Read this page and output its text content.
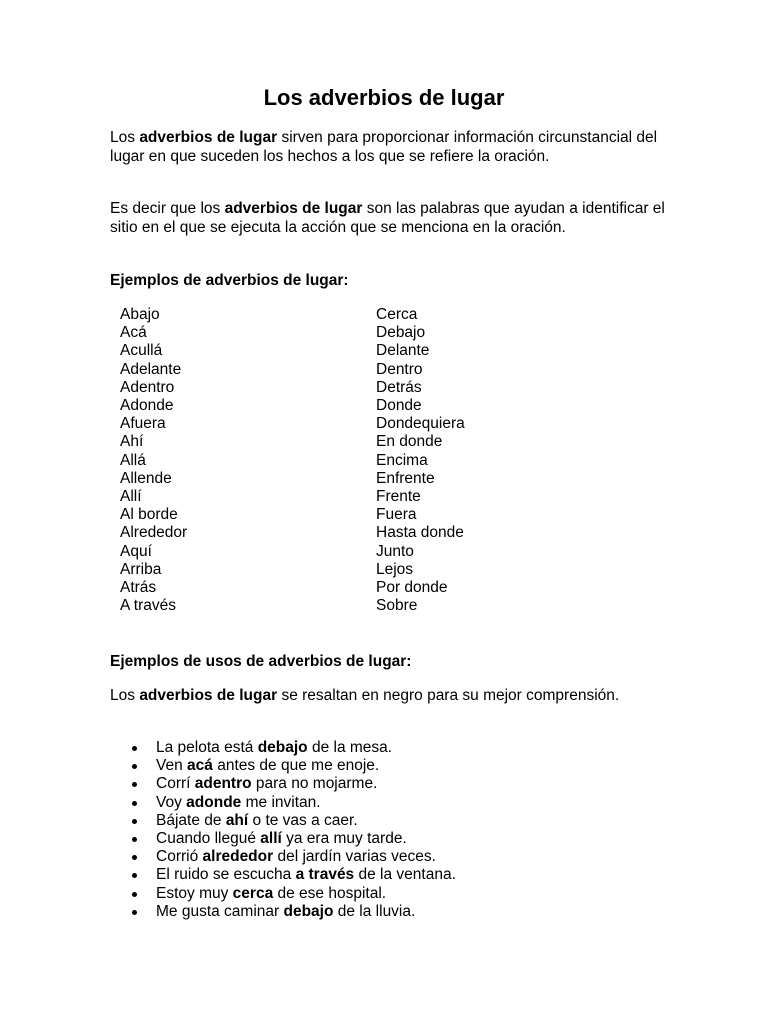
Los adverbios de lugar
Los adverbios de lugar sirven para proporcionar información circunstancial del lugar en que suceden los hechos a los que se refiere la oración.
Es decir que los adverbios de lugar son las palabras que ayudan a identificar el sitio en el que se ejecuta la acción que se menciona en la oración.
Ejemplos de adverbios de lugar:
Abajo
Acá
Acullá
Adelante
Adentro
Adonde
Afuera
Ahí
Allá
Allende
Allí
Al borde
Alrededor
Aquí
Arriba
Atrás
A través
Cerca
Debajo
Delante
Dentro
Detrás
Donde
Dondequiera
En donde
Encima
Enfrente
Frente
Fuera
Hasta donde
Junto
Lejos
Por donde
Sobre
Ejemplos de usos de adverbios de lugar:
Los adverbios de lugar se resaltan en negro para su mejor comprensión.
La pelota está debajo de la mesa.
Ven acá antes de que me enoje.
Corrí adentro para no mojarme.
Voy adonde me invitan.
Bájate de ahí o te vas a caer.
Cuando llegué allí ya era muy tarde.
Corrió alrededor del jardín varias veces.
El ruido se escucha a través de la ventana.
Estoy muy cerca de ese hospital.
Me gusta caminar debajo de la lluvia.
